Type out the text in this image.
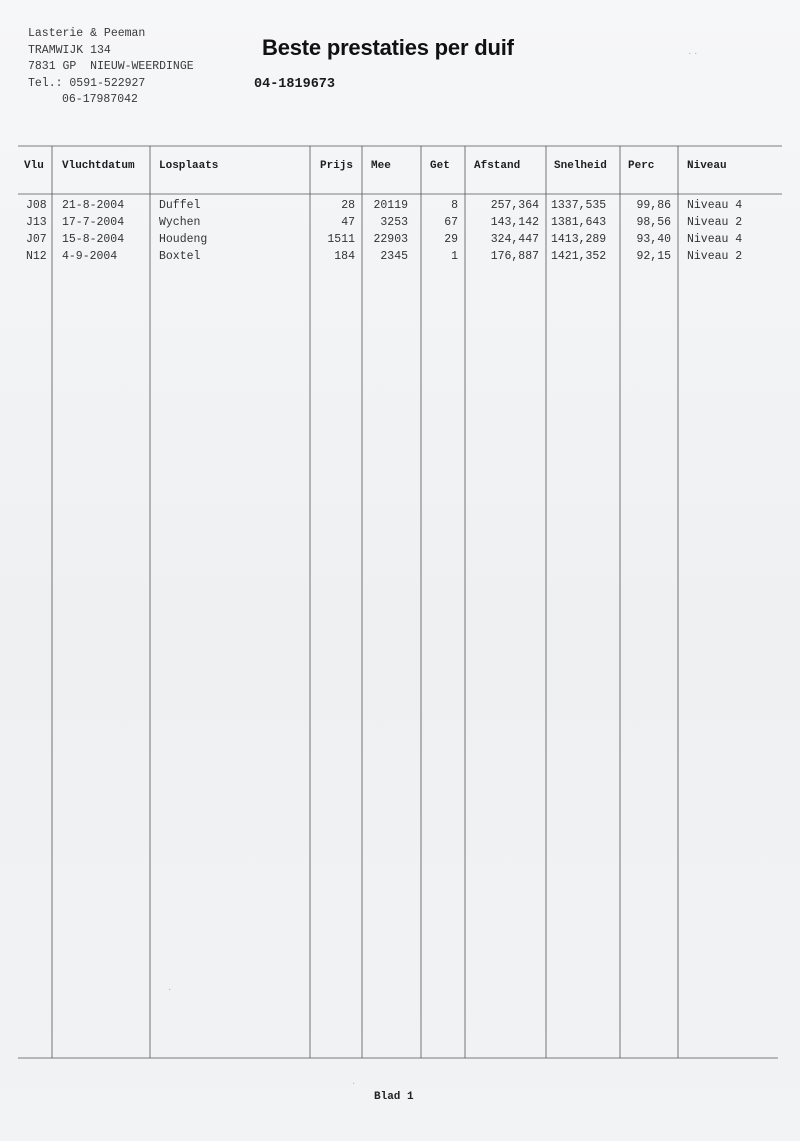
Lasterie & Peeman
TRAMWIJK 134
7831 GP  NIEUW-WEERDINGE
Tel.: 0591-522927
06-17987042
Beste prestaties per duif
04-1819673
Vlu Vluchtdatum Losplaats	Prijs Mee	Get Afstand	Snelheid Perc	Niveau
J08 21-8-2004	Duffel	28	20119	8	257,364 1337,535	99,86 Niveau 4
J13 17-7-2004	Wychen	47	3253	67	143,142 1381,643	98,56 Niveau 2
J07 15-8-2004	Houdeng	1511	22903	29	324,447 1413,289	93,40 Niveau 4
N12 4-9-2004	Boxtel	184	2345	1	176,887 1421,352	92,15 Niveau 2
Blad 1
· ·
·
·
